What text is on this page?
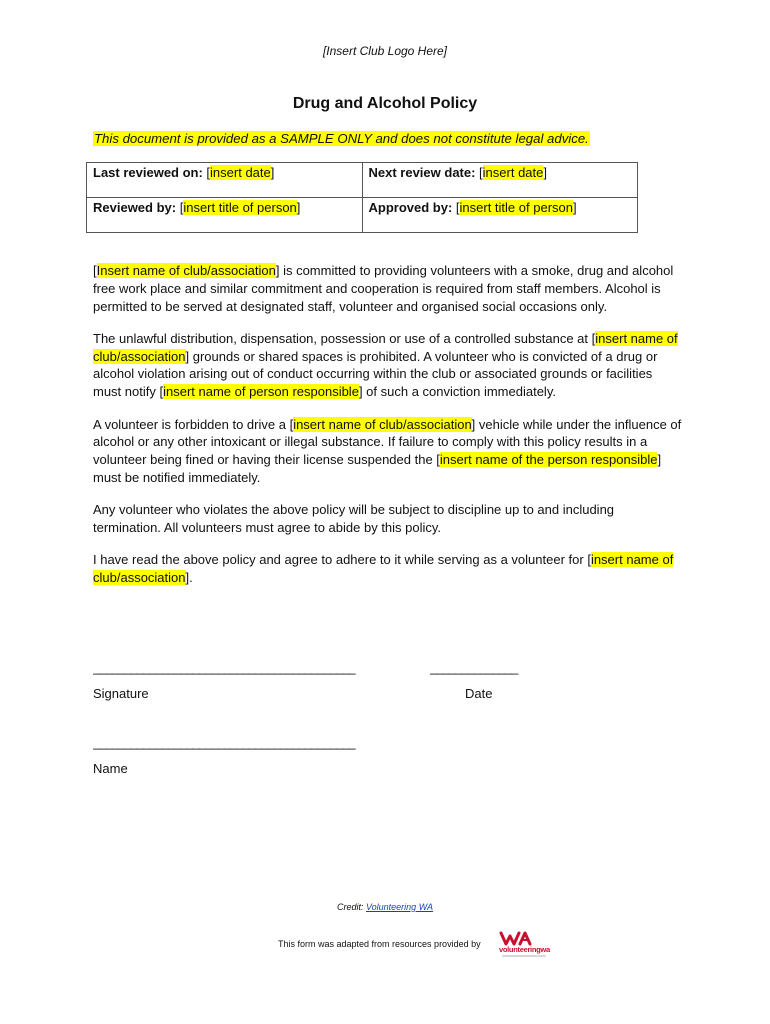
[Insert Club Logo Here]
Drug and Alcohol Policy
This document is provided as a SAMPLE ONLY and does not constitute legal advice.
Last reviewed on: [insert date]	Next review date: [insert date]
Reviewed by: [insert title of person]	Approved by: [insert title of person]

[Insert name of club/association] is committed to providing volunteers with a smoke, drug and alcohol free work place and similar commitment and cooperation is required from staff members. Alcohol is permitted to be served at designated staff, volunteer and organised social occasions only.

The unlawful distribution, dispensation, possession or use of a controlled substance at [insert name of club/association] grounds or shared spaces is prohibited. A volunteer who is convicted of a drug or alcohol violation arising out of conduct occurring within the club or associated grounds or facilities must notify [insert name of person responsible] of such a conviction immediately.

A volunteer is forbidden to drive a [insert name of club/association] vehicle while under the influence of alcohol or any other intoxicant or illegal substance. If failure to comply with this policy results in a volunteer being fined or having their license suspended the [insert name of the person responsible] must be notified immediately.

Any volunteer who violates the above policy will be subject to discipline up to and including termination. All volunteers must agree to abide by this policy.

I have read the above policy and agree to adhere to it while serving as a volunteer for [insert name of club/association].

__________________________________________	______________
Signature	Date
__________________________________________
Name
Credit: Volunteering WA
This form was adapted from resources provided by
volunteeringwa
